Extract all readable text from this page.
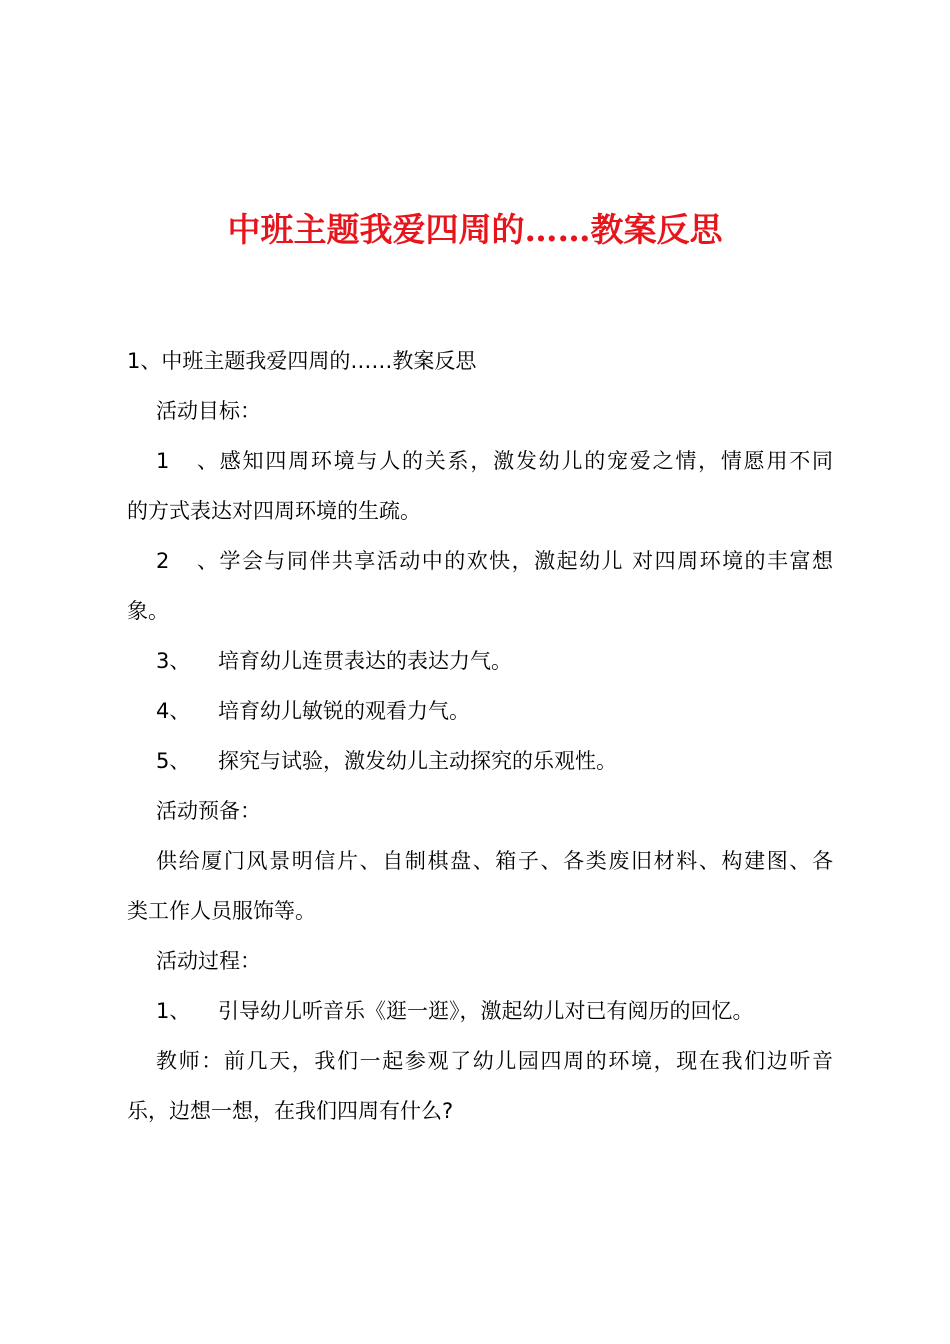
中班主题我爱四周的……教案反思
1、中班主题我爱四周的……教案反思
活动目标：
1、感知四周环境与人的关系，激发幼儿的宠爱之情，情愿用不同
的方式表达对四周环境的生疏。
2、学会与同伴共享活动中的欢快，激起幼儿 对四周环境的丰富想
象。
3、 培育幼儿连贯表达的表达力气。
4、 培育幼儿敏锐的观看力气。
5、 探究与试验，激发幼儿主动探究的乐观性。
活动预备：
供给厦门风景明信片、自制棋盘、箱子、各类废旧材料、构建图、各
类工作人员服饰等。
活动过程：
1、 引导幼儿听音乐《逛一逛》，激起幼儿对已有阅历的回忆。
教师：前几天，我们一起参观了幼儿园四周的环境，现在我们边听音
乐，边想一想，在我们四周有什么?
